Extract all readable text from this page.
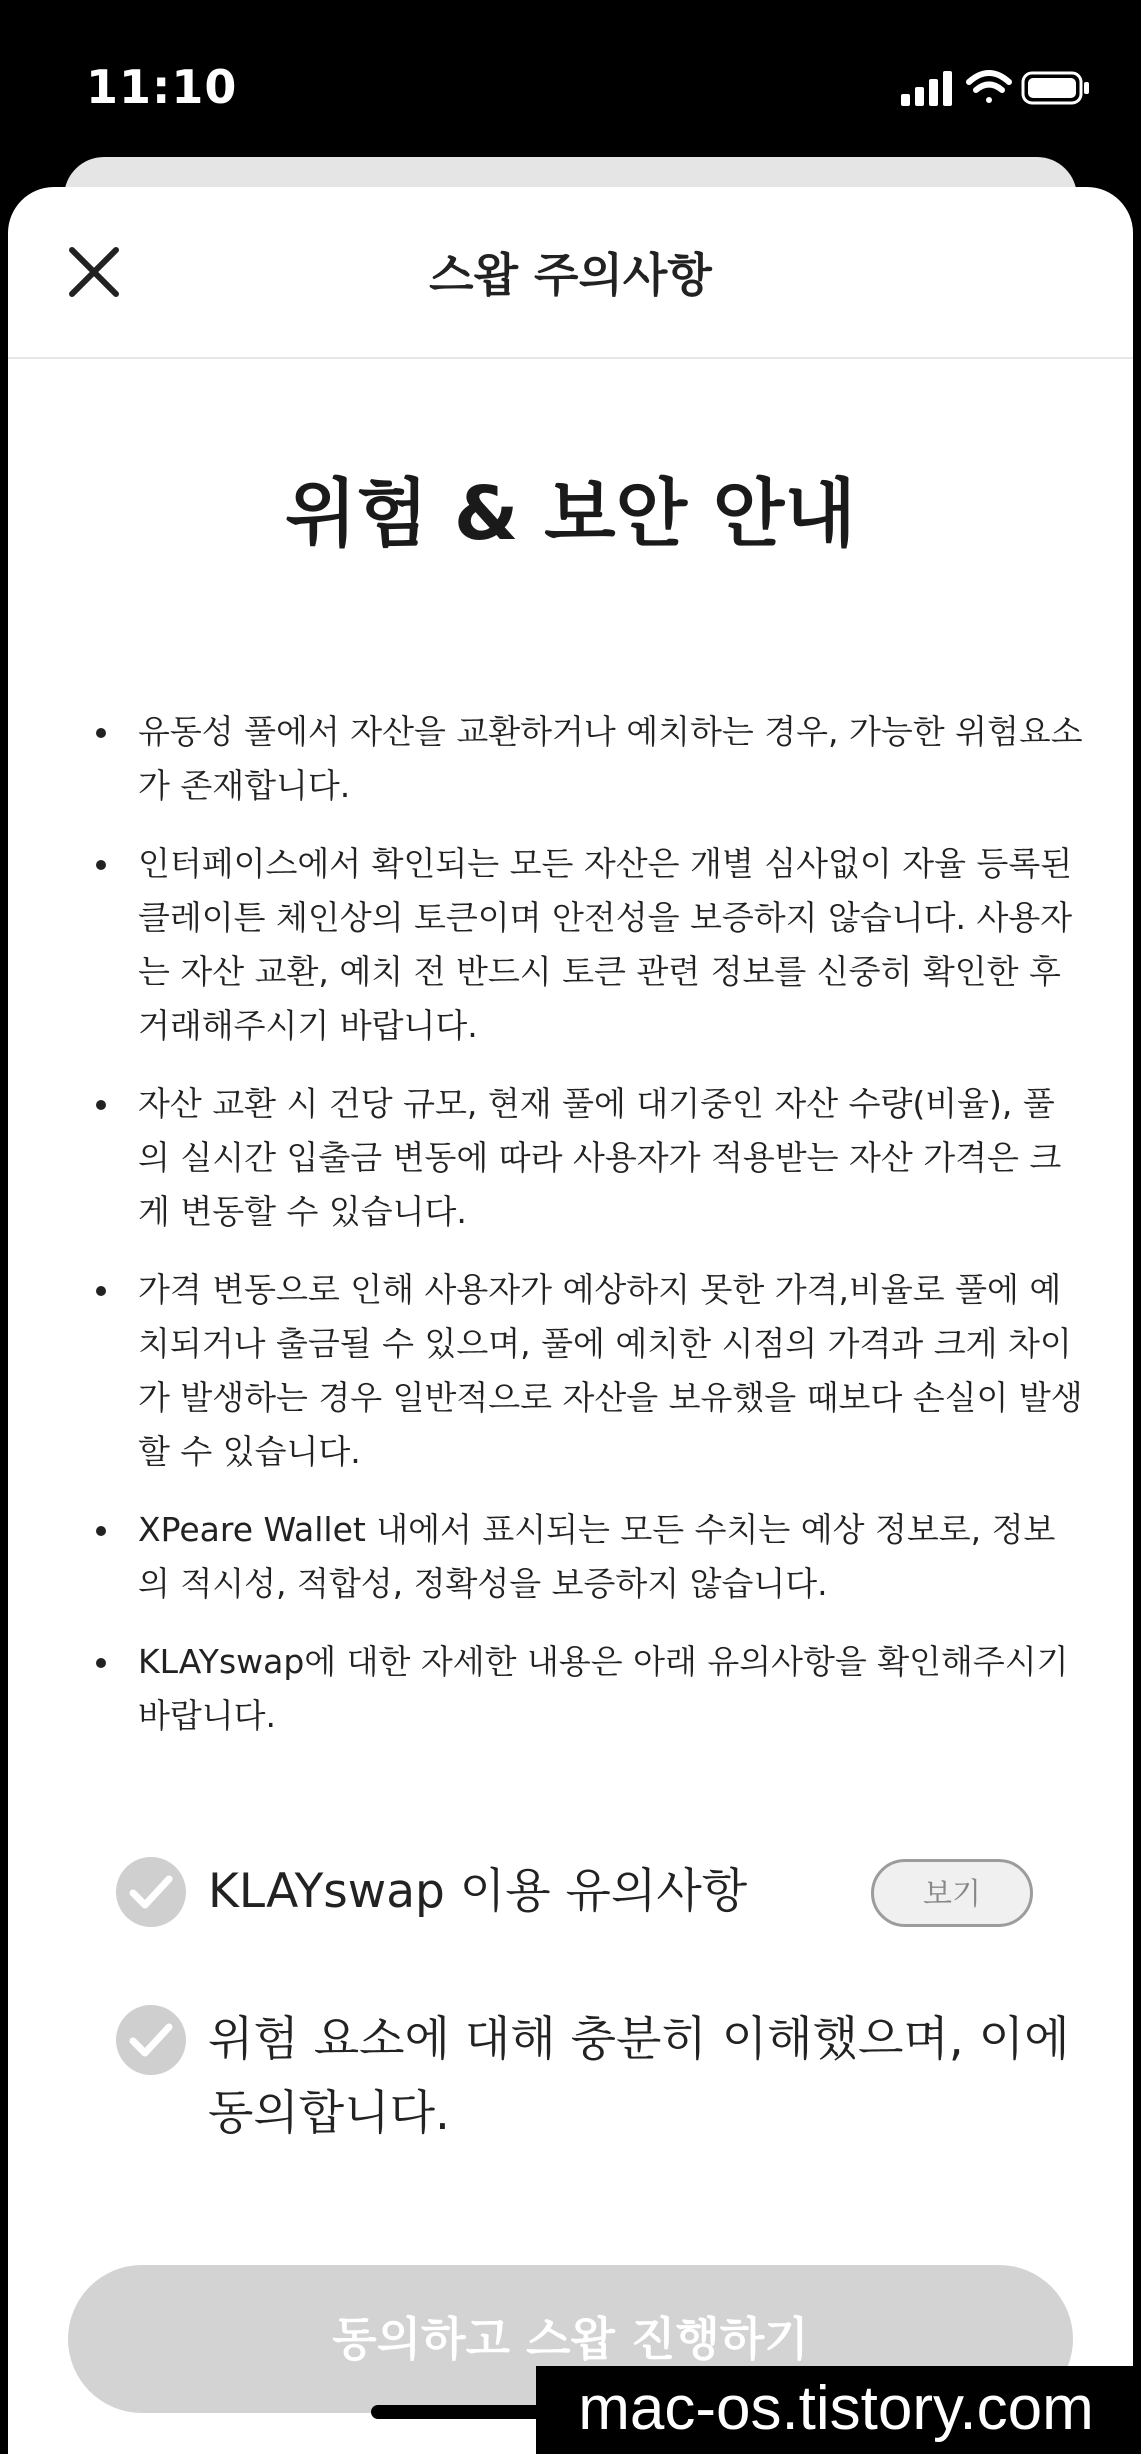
11:10
스왑 주의사항
위험 & 보안 안내
유동성 풀에서 자산을 교환하거나 예치하는 경우, 가능한 위험요소가 존재합니다.
인터페이스에서 확인되는 모든 자산은 개별 심사없이 자율 등록된 클레이튼 체인상의 토큰이며 안전성을 보증하지 않습니다. 사용자는 자산 교환, 예치 전 반드시 토큰 관련 정보를 신중히 확인한 후 거래해주시기 바랍니다.
자산 교환 시 건당 규모, 현재 풀에 대기중인 자산 수량(비율), 풀의 실시간 입출금 변동에 따라 사용자가 적용받는 자산 가격은 크게 변동할 수 있습니다.
가격 변동으로 인해 사용자가 예상하지 못한 가격,비율로 풀에 예치되거나 출금될 수 있으며, 풀에 예치한 시점의 가격과 크게 차이가 발생하는 경우 일반적으로 자산을 보유했을 때보다 손실이 발생할 수 있습니다.
XPeare Wallet 내에서 표시되는 모든 수치는 예상 정보로, 정보의 적시성, 적합성, 정확성을 보증하지 않습니다.
KLAYswap에 대한 자세한 내용은 아래 유의사항을 확인해주시기 바랍니다.
KLAYswap 이용 유의사항	보기
위험 요소에 대해 충분히 이해했으며, 이에
동의합니다.
동의하고 스왑 진행하기
mac-os.tistory.com
